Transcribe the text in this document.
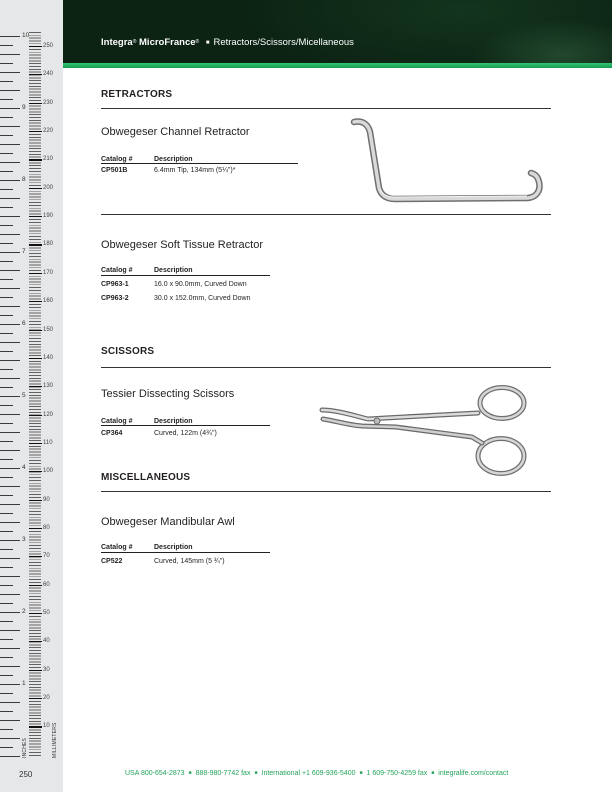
10
9
8
7
6
5
4
3
2
1
250
240
230
220
210
200
190
180
170
160
150
140
130
120
110
100
90
80
70
60
50
40
30
20
10
INCHES	MILLIMETERS
250
Integra® MicroFrance® ■ Retractors/Scissors/Micellaneous
RETRACTORS
Obwegeser Channel Retractor
Catalog #	Description
CP501B	6.4mm Tip, 134mm (5¼")*
Obwegeser Soft Tissue Retractor
Catalog #	Description
CP963-1	16.0 x 90.0mm, Curved Down
CP963-2	30.0 x 152.0mm, Curved Down
SCISSORS
Tessier Dissecting Scissors
Catalog #	Description
CP364	Curved, 122m (4¾")
MISCELLANEOUS
Obwegeser Mandibular Awl
Catalog #	Description
CP522	Curved, 145mm (5 ¾")
USA 800-654-2873 ■ 888-980-7742 fax ■ International +1 609-936-5400 ■ 1 609-750-4259 fax ■ integralife.com/contact
